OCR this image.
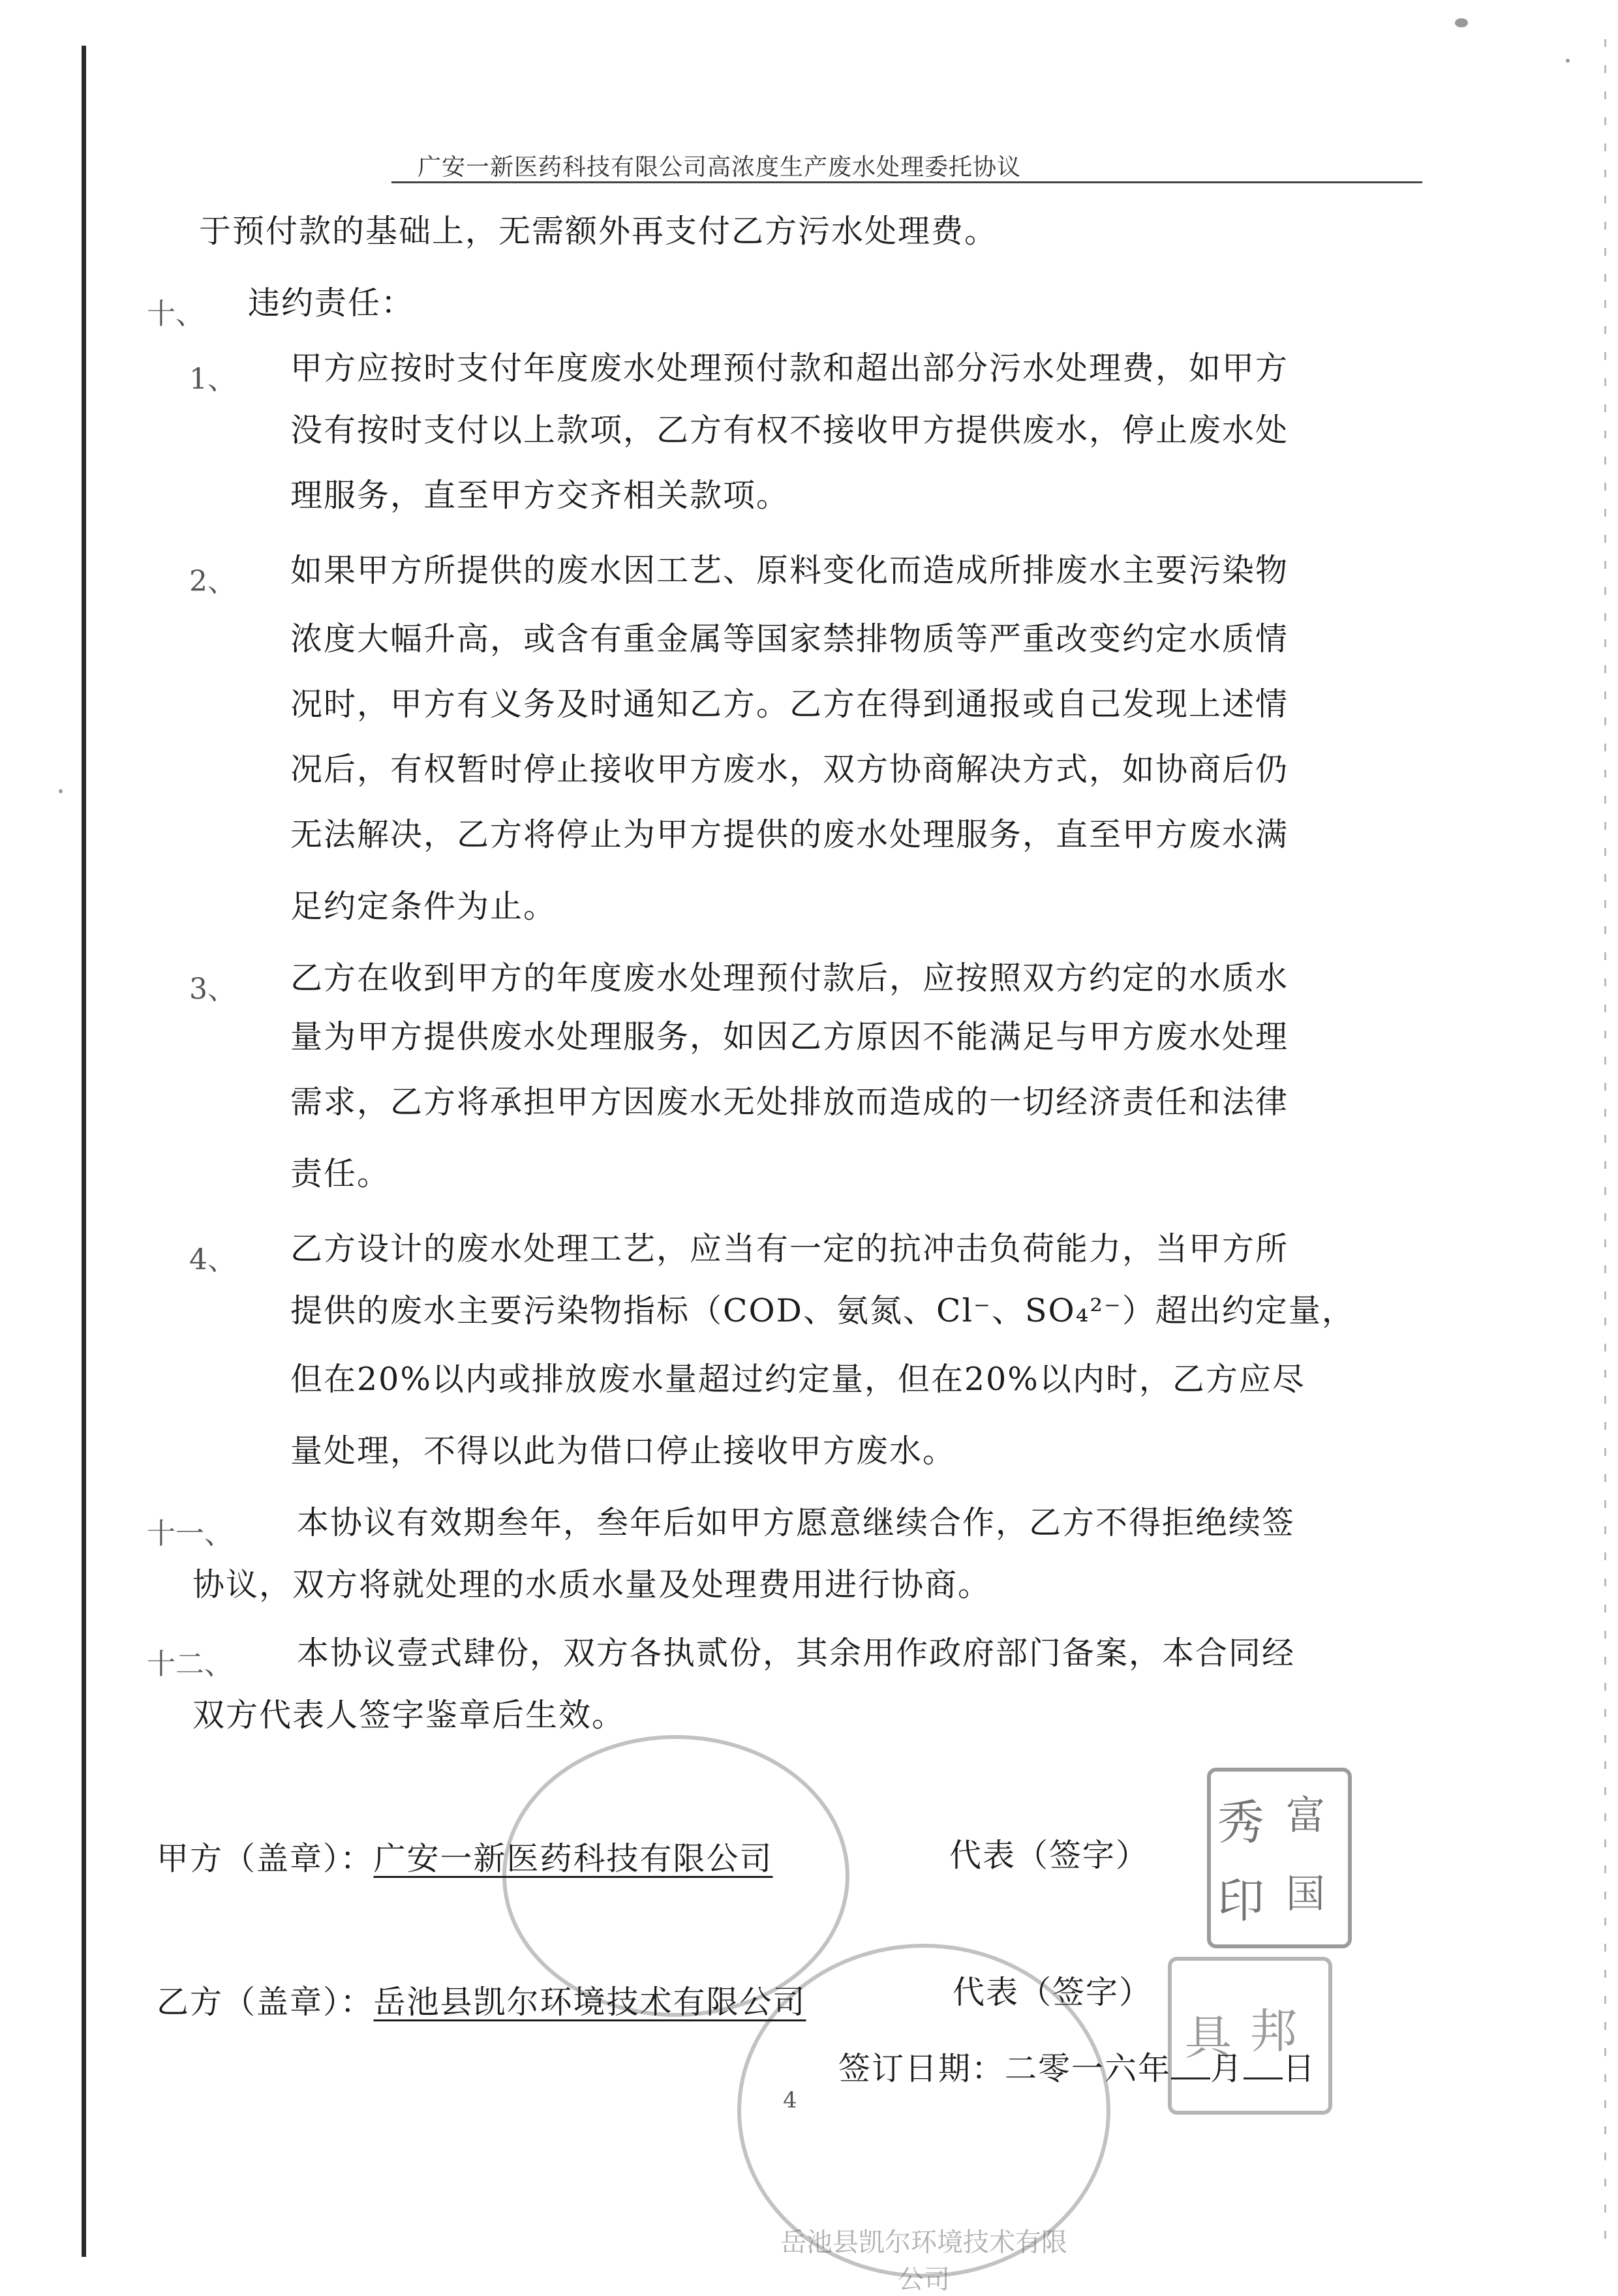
广安一新医药科技有限公司高浓度生产废水处理委托协议
于预付款的基础上，无需额外再支付乙方污水处理费。
十、 违约责任：
1、 甲方应按时支付年度废水处理预付款和超出部分污水处理费，如甲方
没有按时支付以上款项，乙方有权不接收甲方提供废水，停止废水处
理服务，直至甲方交齐相关款项。
2、 如果甲方所提供的废水因工艺、原料变化而造成所排废水主要污染物
浓度大幅升高，或含有重金属等国家禁排物质等严重改变约定水质情
况时，甲方有义务及时通知乙方。乙方在得到通报或自己发现上述情
况后，有权暂时停止接收甲方废水，双方协商解决方式，如协商后仍
无法解决，乙方将停止为甲方提供的废水处理服务，直至甲方废水满
足约定条件为止。
3、 乙方在收到甲方的年度废水处理预付款后，应按照双方约定的水质水
量为甲方提供废水处理服务，如因乙方原因不能满足与甲方废水处理
需求，乙方将承担甲方因废水无处排放而造成的一切经济责任和法律
责任。
4、 乙方设计的废水处理工艺，应当有一定的抗冲击负荷能力，当甲方所
提供的废水主要污染物指标（COD、氨氮、Cl⁻、SO₄²⁻）超出约定量，
但在20%以内或排放废水量超过约定量，但在20%以内时，乙方应尽
量处理，不得以此为借口停止接收甲方废水。
十一、 本协议有效期叁年，叁年后如甲方愿意继续合作，乙方不得拒绝续签
协议，双方将就处理的水质水量及处理费用进行协商。
十二、 本协议壹式肆份，双方各执贰份，其余用作政府部门备案，本合同经
双方代表人签字鉴章后生效。
岳池县凯尔环境技术有限公司
秀
印
富
国
具 邦
甲方（盖章）：广安一新医药科技有限公司	代表（签字）
乙方（盖章）：岳池县凯尔环境技术有限公司	代表（签字）
签订日期：二零一六年 月 日
4
